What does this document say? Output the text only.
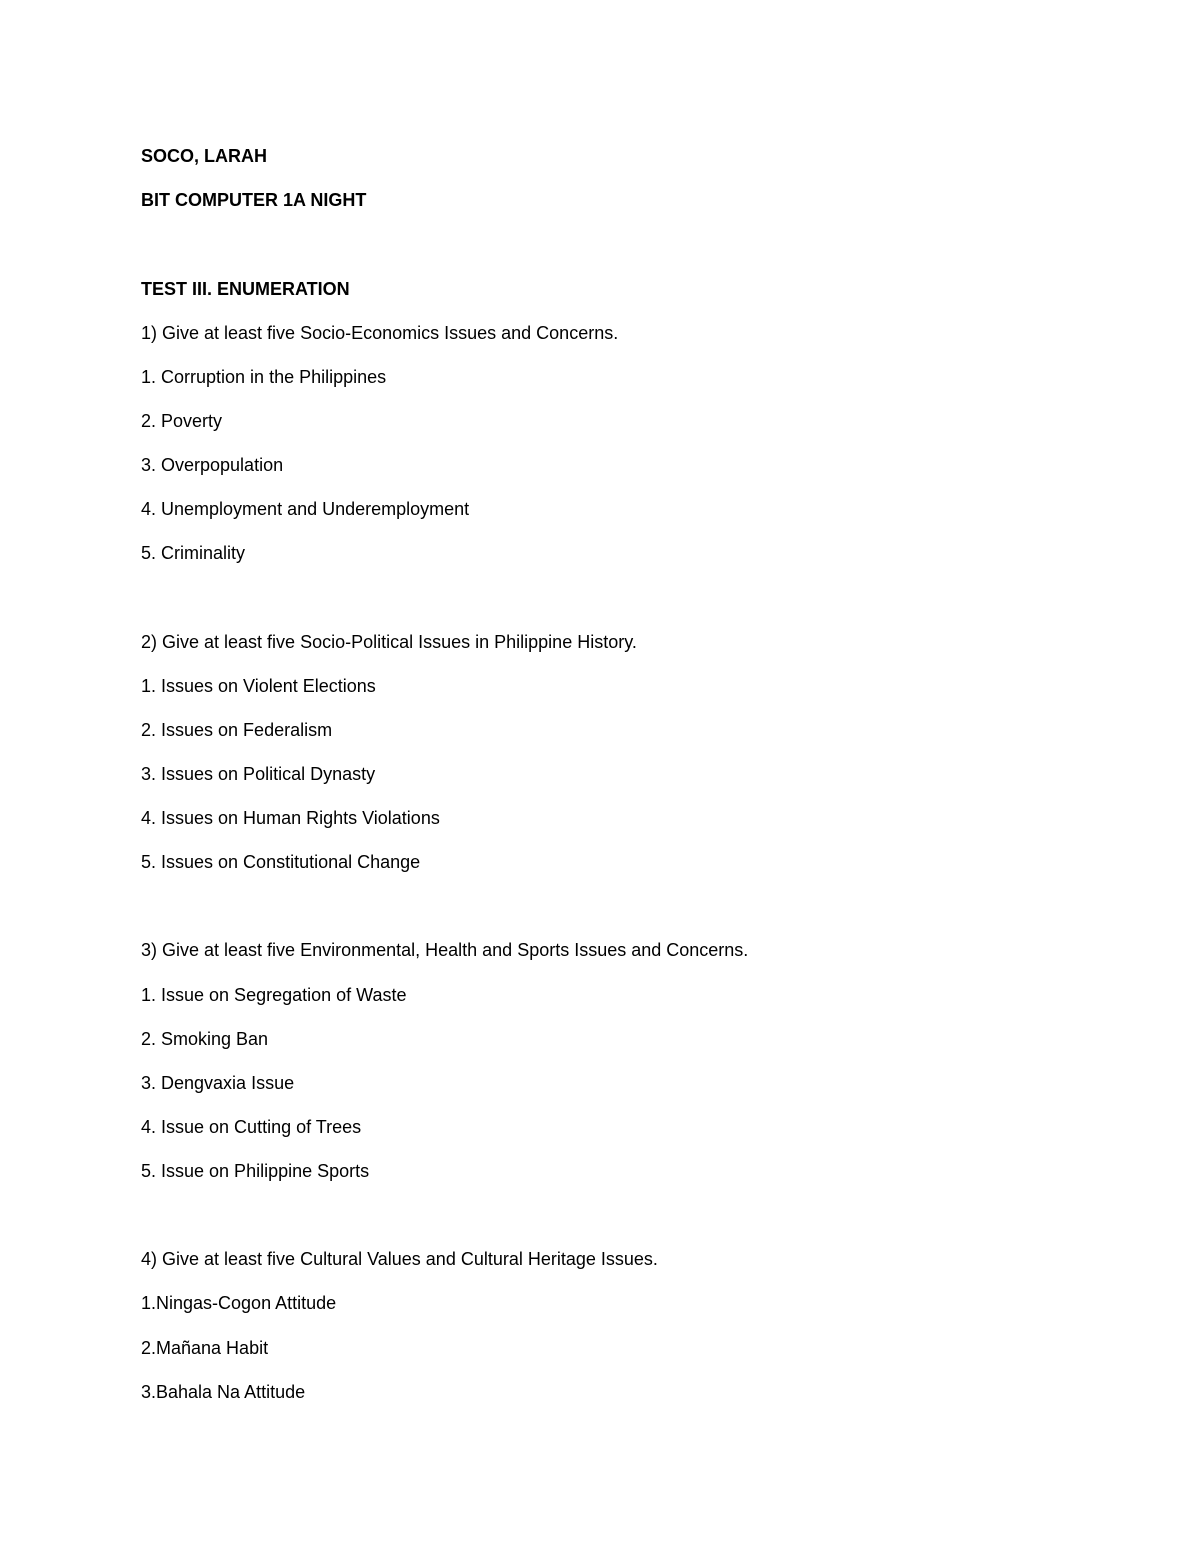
SOCO, LARAH
BIT COMPUTER 1A NIGHT
TEST III. ENUMERATION
1) Give at least five Socio-Economics Issues and Concerns.
1. Corruption in the Philippines
2. Poverty
3. Overpopulation
4. Unemployment and Underemployment
5. Criminality
2) Give at least five Socio-Political Issues in Philippine History.
1. Issues on Violent Elections
2. Issues on Federalism
3. Issues on Political Dynasty
4. Issues on Human Rights Violations
5. Issues on Constitutional Change
3) Give at least five Environmental, Health and Sports Issues and Concerns.
1. Issue on Segregation of Waste
2. Smoking Ban
3. Dengvaxia Issue
4. Issue on Cutting of Trees
5. Issue on Philippine Sports
4) Give at least five Cultural Values and Cultural Heritage Issues.
1.Ningas-Cogon Attitude
2.Mañana Habit
3.Bahala Na Attitude
